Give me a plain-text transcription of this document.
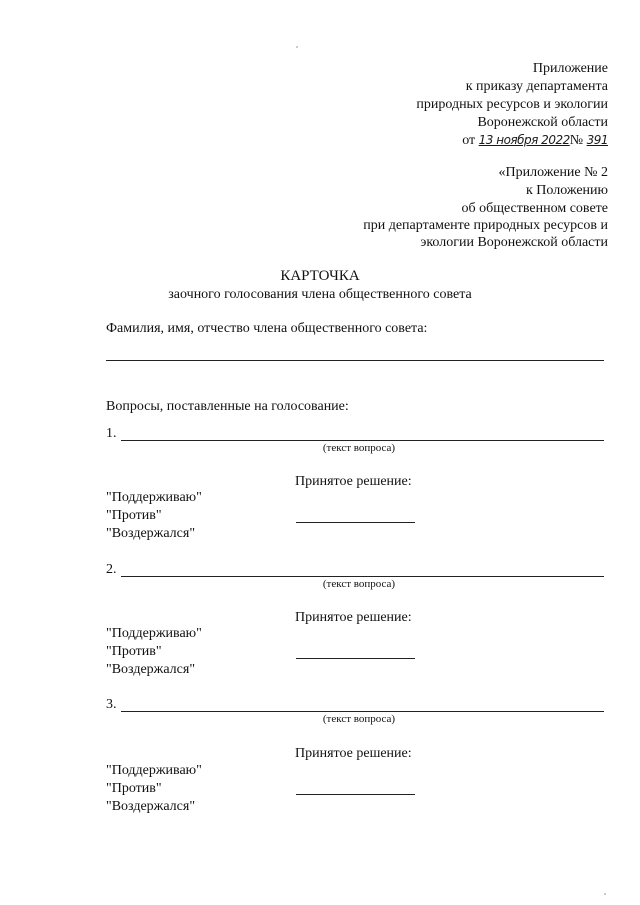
Приложение
к приказу департамента
природных ресурсов и экологии
Воронежской области
от 13 ноября 2022№ 391
«Приложение № 2
к Положению
об общественном совете
при департаменте природных ресурсов и
экологии Воронежской области
КАРТОЧКА
заочного голосования члена общественного совета
Фамилия, имя, отчество члена общественного совета:
Вопросы, поставленные на голосование:
1.
(текст вопроса)
Принятое решение:
"Поддерживаю"
"Против"
"Воздержался"
2.
(текст вопроса)
Принятое решение:
"Поддерживаю"
"Против"
"Воздержался"
3.
(текст вопроса)
Принятое решение:
"Поддерживаю"
"Против"
"Воздержался"
